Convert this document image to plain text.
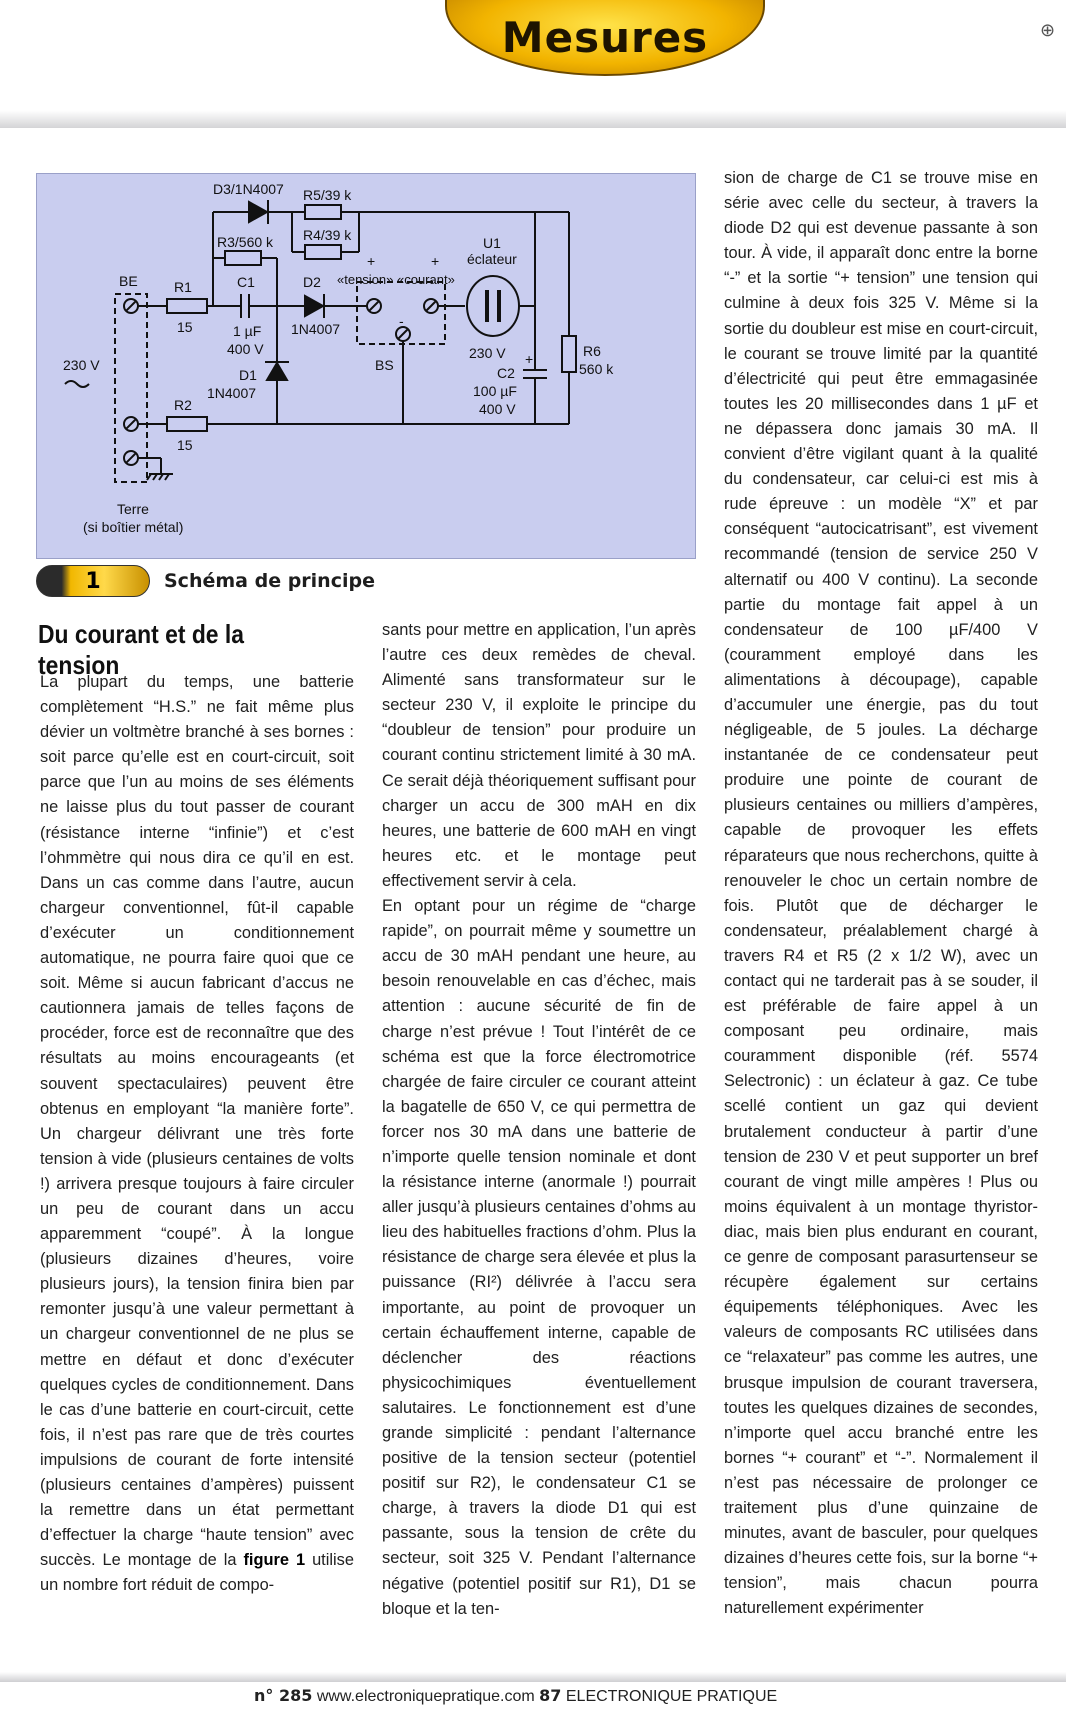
Mesures	⊕
D3/1N4007 R5/39 k
R4/39 k
R3/560 k	U1
éclateur
+	+
«tension» «courant»
-
BE	R1
15
C1
1 µF
400 V
D2
1N4007
230 V
D1
1N4007
BS
230 V
C2
+
100 µF
400 V
R6
560 k
R2
15
Terre
(si boîtier métal)
1	Schéma de principe
Du courant et de la tension

La plupart du temps, une batterie complètement “H.S.” ne fait même plus dévier un voltmètre branché à ses bornes : soit parce qu’elle est en court-circuit, soit parce que l’un au moins de ses éléments ne laisse plus du tout passer de courant (résistance interne “infinie”) et c’est l’ohmmètre qui nous dira ce qu’il en est. Dans un cas comme dans l’autre, aucun chargeur conventionnel, fût-il capable d’exécuter un conditionnement automatique, ne pourra faire quoi que ce soit. Même si aucun fabricant d’accus ne cautionnera jamais de telles façons de procéder, force est de reconnaître que des résultats au moins encourageants (et souvent spectaculaires) peuvent être obtenus en employant “la manière forte”. Un chargeur délivrant une très forte tension à vide (plusieurs centaines de volts !) arrivera presque toujours à faire circuler un peu de courant dans un accu apparemment “coupé”. À la longue (plusieurs dizaines d’heures, voire plusieurs jours), la tension finira bien par remonter jusqu’à une valeur permettant à un chargeur conventionnel de ne plus se mettre en défaut et donc d’exécuter quelques cycles de conditionnement. Dans le cas d’une batterie en court-circuit, cette fois, il n’est pas rare que de très courtes impulsions de courant de forte intensité (plusieurs centaines d’ampères) puissent la remettre dans un état permettant d’effectuer la charge “haute tension” avec succès. Le montage de la figure 1 utilise un nombre fort réduit de compo-

sants pour mettre en application, l’un après l’autre ces deux remèdes de cheval. Alimenté sans transformateur sur le secteur 230 V, il exploite le principe du “doubleur de tension” pour produire un courant continu strictement limité à 30 mA. Ce serait déjà théoriquement suffisant pour charger un accu de 300 mAH en dix heures, une batterie de 600 mAH en vingt heures etc. et le montage peut effectivement servir à cela.

En optant pour un régime de “charge rapide”, on pourrait même y soumettre un accu de 30 mAH pendant une heure, au besoin renouvelable en cas d’échec, mais attention : aucune sécurité de fin de charge n’est prévue ! Tout l’intérêt de ce schéma est que la force électromotrice chargée de faire circuler ce courant atteint la bagatelle de 650 V, ce qui permettra de forcer nos 30 mA dans une batterie de n’importe quelle tension nominale et dont la résistance interne (anormale !) pourrait aller jusqu’à plusieurs centaines d’ohms au lieu des habituelles fractions d’ohm. Plus la résistance de charge sera élevée et plus la puissance (RI²) délivrée à l’accu sera importante, au point de provoquer un certain échauffement interne, capable de déclencher des réactions physicochimiques éventuellement salutaires. Le fonctionnement est d’une grande simplicité : pendant l’alternance positive de la tension secteur (potentiel positif sur R2), le condensateur C1 se charge, à travers la diode D1 qui est passante, sous la tension de crête du secteur, soit 325 V. Pendant l’alternance négative (potentiel positif sur R1), D1 se bloque et la ten-

sion de charge de C1 se trouve mise en série avec celle du secteur, à travers la diode D2 qui est devenue passante à son tour. À vide, il apparaît donc entre la borne “-” et la sortie “+ tension” une tension qui culmine à deux fois 325 V. Même si la sortie du doubleur est mise en court-circuit, le courant se trouve limité par la quantité d’électricité qui peut être emmagasinée toutes les 20 millisecondes dans 1 µF et ne dépassera donc jamais 30 mA. Il convient d’être vigilant quant à la qualité du condensateur, car celui-ci est mis à rude épreuve : un modèle “X” et par conséquent “autocicatrisant”, est vivement recommandé (tension de service 250 V alternatif ou 400 V continu). La seconde partie du montage fait appel à un condensateur de 100 µF/400 V (couramment employé dans les alimentations à découpage), capable d’accumuler une énergie, pas du tout négligeable, de 5 joules. La décharge instantanée de ce condensateur peut produire une pointe de courant de plusieurs centaines ou milliers d’ampères, capable de provoquer les effets réparateurs que nous recherchons, quitte à renouveler le choc un certain nombre de fois. Plutôt que de décharger le condensateur, préalablement chargé à travers R4 et R5 (2 x 1/2 W), avec un contact qui ne tarderait pas à se souder, il est préférable de faire appel à un composant peu ordinaire, mais couramment disponible (réf. 5574 Selectronic) : un éclateur à gaz. Ce tube scellé contient un gaz qui devient brutalement conducteur à partir d’une tension de 230 V et peut supporter un bref courant de vingt mille ampères ! Plus ou moins équivalent à un montage thyristor-diac, mais bien plus endurant en courant, ce genre de composant parasurtenseur se récupère également sur certains équipements téléphoniques. Avec les valeurs de composants RC utilisées dans ce “relaxateur” pas comme les autres, une brusque impulsion de courant traversera, toutes les quelques dizaines de secondes, n’importe quel accu branché entre les bornes “+ courant” et “-”. Normalement il n’est pas nécessaire de prolonger ce traitement plus d’une quinzaine de minutes, avant de basculer, pour quelques dizaines d’heures cette fois, sur la borne “+ tension”, mais chacun pourra naturellement expérimenter

n° 285 www.electroniquepratique.com 87 ELECTRONIQUE PRATIQUE
